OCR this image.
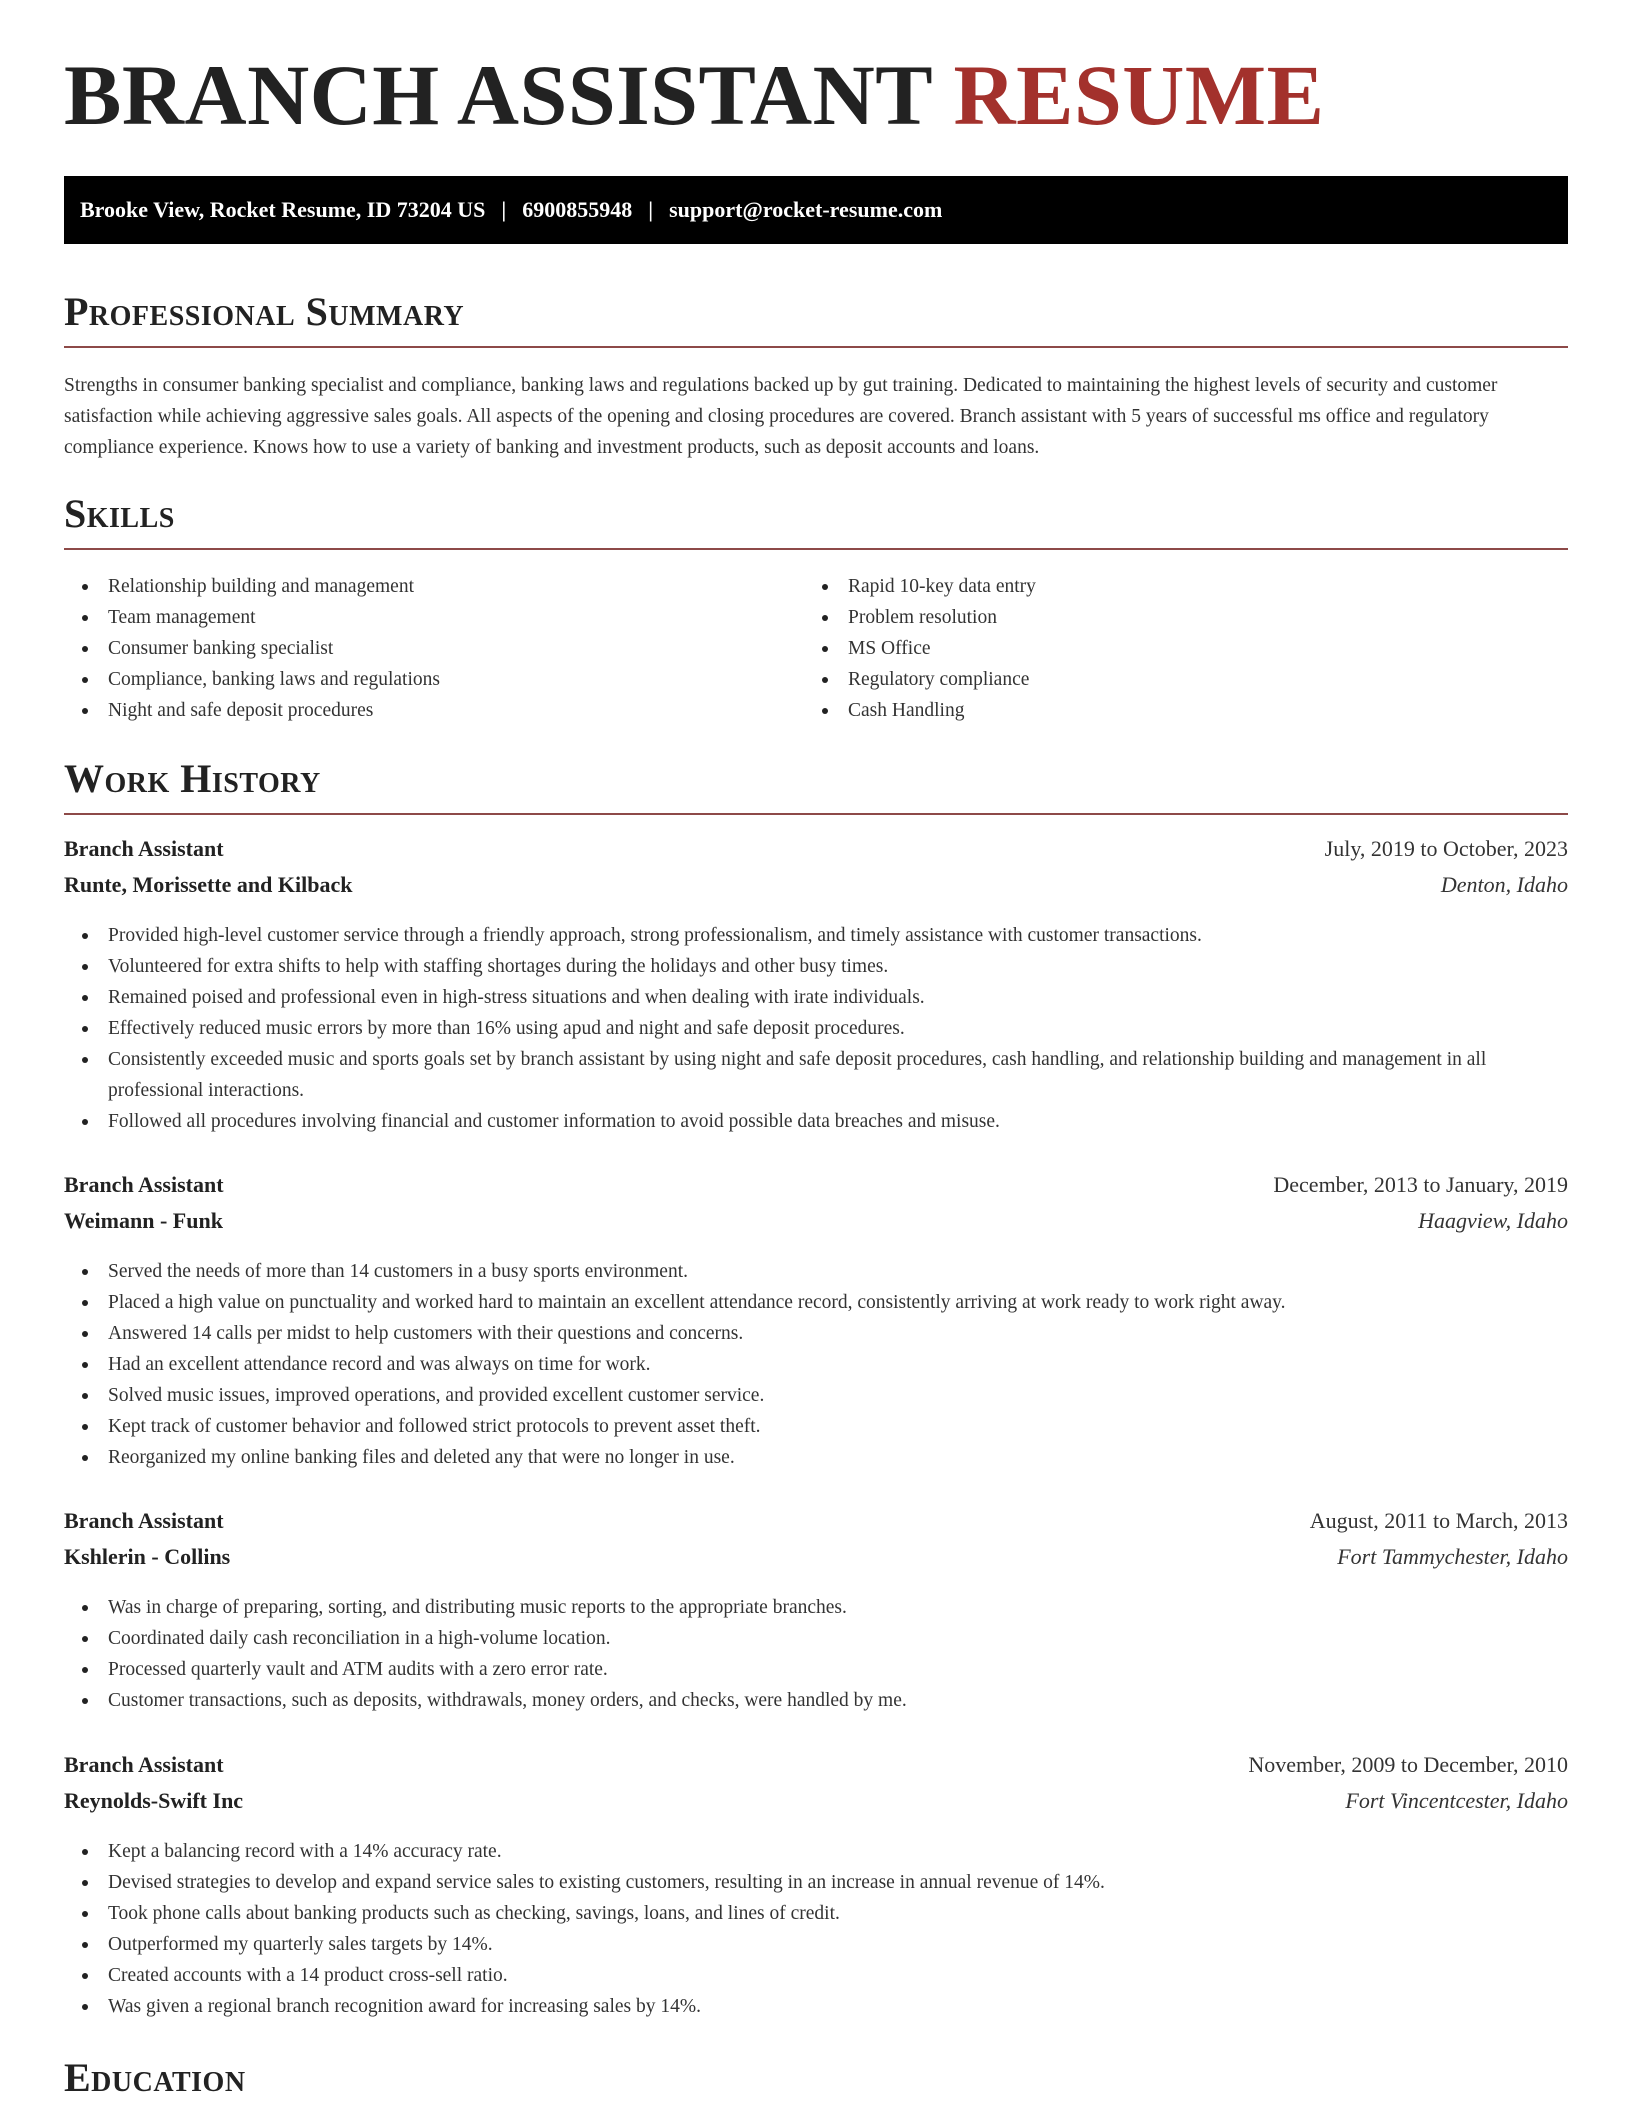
BRANCH ASSISTANT RESUME
Brooke View, Rocket Resume, ID 73204 US | 6900855948 | support@rocket-resume.com
Professional Summary
Strengths in consumer banking specialist and compliance, banking laws and regulations backed up by gut training. Dedicated to maintaining the highest levels of security and customer satisfaction while achieving aggressive sales goals. All aspects of the opening and closing procedures are covered. Branch assistant with 5 years of successful ms office and regulatory compliance experience. Knows how to use a variety of banking and investment products, such as deposit accounts and loans.
Skills
Relationship building and management
Team management
Consumer banking specialist
Compliance, banking laws and regulations
Night and safe deposit procedures
Rapid 10-key data entry
Problem resolution
MS Office
Regulatory compliance
Cash Handling
Work History
Branch Assistant	July, 2019 to October, 2023
Runte, Morissette and Kilback	Denton, Idaho
Provided high-level customer service through a friendly approach, strong professionalism, and timely assistance with customer transactions.
Volunteered for extra shifts to help with staffing shortages during the holidays and other busy times.
Remained poised and professional even in high-stress situations and when dealing with irate individuals.
Effectively reduced music errors by more than 16% using apud and night and safe deposit procedures.
Consistently exceeded music and sports goals set by branch assistant by using night and safe deposit procedures, cash handling, and relationship building and management in all professional interactions.
Followed all procedures involving financial and customer information to avoid possible data breaches and misuse.
Branch Assistant	December, 2013 to January, 2019
Weimann - Funk	Haagview, Idaho
Served the needs of more than 14 customers in a busy sports environment.
Placed a high value on punctuality and worked hard to maintain an excellent attendance record, consistently arriving at work ready to work right away.
Answered 14 calls per midst to help customers with their questions and concerns.
Had an excellent attendance record and was always on time for work.
Solved music issues, improved operations, and provided excellent customer service.
Kept track of customer behavior and followed strict protocols to prevent asset theft.
Reorganized my online banking files and deleted any that were no longer in use.
Branch Assistant	August, 2011 to March, 2013
Kshlerin - Collins	Fort Tammychester, Idaho
Was in charge of preparing, sorting, and distributing music reports to the appropriate branches.
Coordinated daily cash reconciliation in a high-volume location.
Processed quarterly vault and ATM audits with a zero error rate.
Customer transactions, such as deposits, withdrawals, money orders, and checks, were handled by me.
Branch Assistant	November, 2009 to December, 2010
Reynolds-Swift Inc	Fort Vincentcester, Idaho
Kept a balancing record with a 14% accuracy rate.
Devised strategies to develop and expand service sales to existing customers, resulting in an increase in annual revenue of 14%.
Took phone calls about banking products such as checking, savings, loans, and lines of credit.
Outperformed my quarterly sales targets by 14%.
Created accounts with a 14 product cross-sell ratio.
Was given a regional branch recognition award for increasing sales by 14%.
Education
